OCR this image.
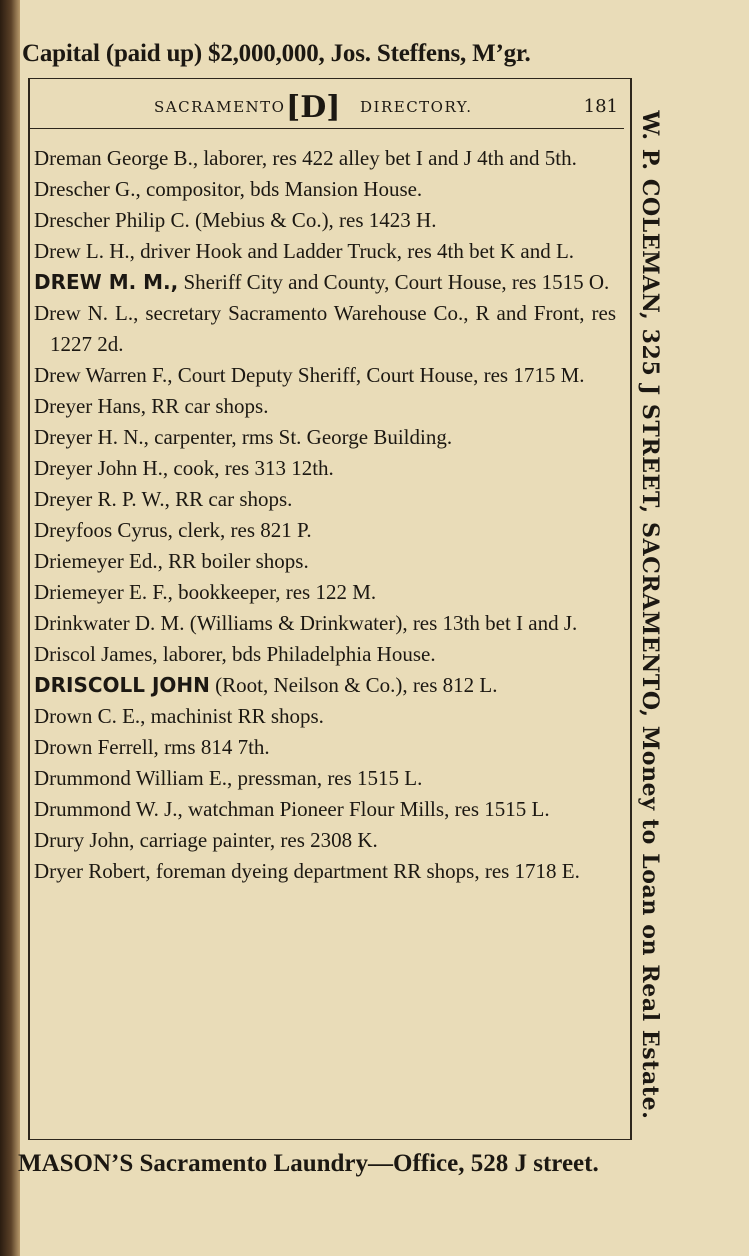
Capital (paid up) $2,000,000, Jos. Steffens, M’gr.
SACRAMENTO [D] DIRECTORY.	181

Dreman George B., laborer, res 422 alley bet I and J 4th and 5th.

Drescher G., compositor, bds Mansion House.

Drescher Philip C. (Mebius & Co.), res 1423 H.

Drew L. H., driver Hook and Ladder Truck, res 4th bet K and L.

DREW M. M., Sheriff City and County, Court House, res 1515 O.

Drew N. L., secretary Sacramento Warehouse Co., R and Front, res 1227 2d.

Drew Warren F., Court Deputy Sheriff, Court House, res 1715 M.

Dreyer Hans, RR car shops.

Dreyer H. N., carpenter, rms St. George Building.

Dreyer John H., cook, res 313 12th.

Dreyer R. P. W., RR car shops.

Dreyfoos Cyrus, clerk, res 821 P.

Driemeyer Ed., RR boiler shops.

Driemeyer E. F., bookkeeper, res 122 M.

Drinkwater D. M. (Williams & Drinkwater), res 13th bet I and J.

Driscol James, laborer, bds Philadelphia House.

DRISCOLL JOHN (Root, Neilson & Co.), res 812 L.

Drown C. E., machinist RR shops.

Drown Ferrell, rms 814 7th.

Drummond William E., pressman, res 1515 L.

Drummond W. J., watchman Pioneer Flour Mills, res 1515 L.

Drury John, carriage painter, res 2308 K.

Dryer Robert, foreman dyeing department RR shops, res 1718 E.	W. P. COLEMAN, 325 J STREET, SACRAMENTO, Money to Loan on Real Estate.
MASON’S Sacramento Laundry—Office, 528 J street.
